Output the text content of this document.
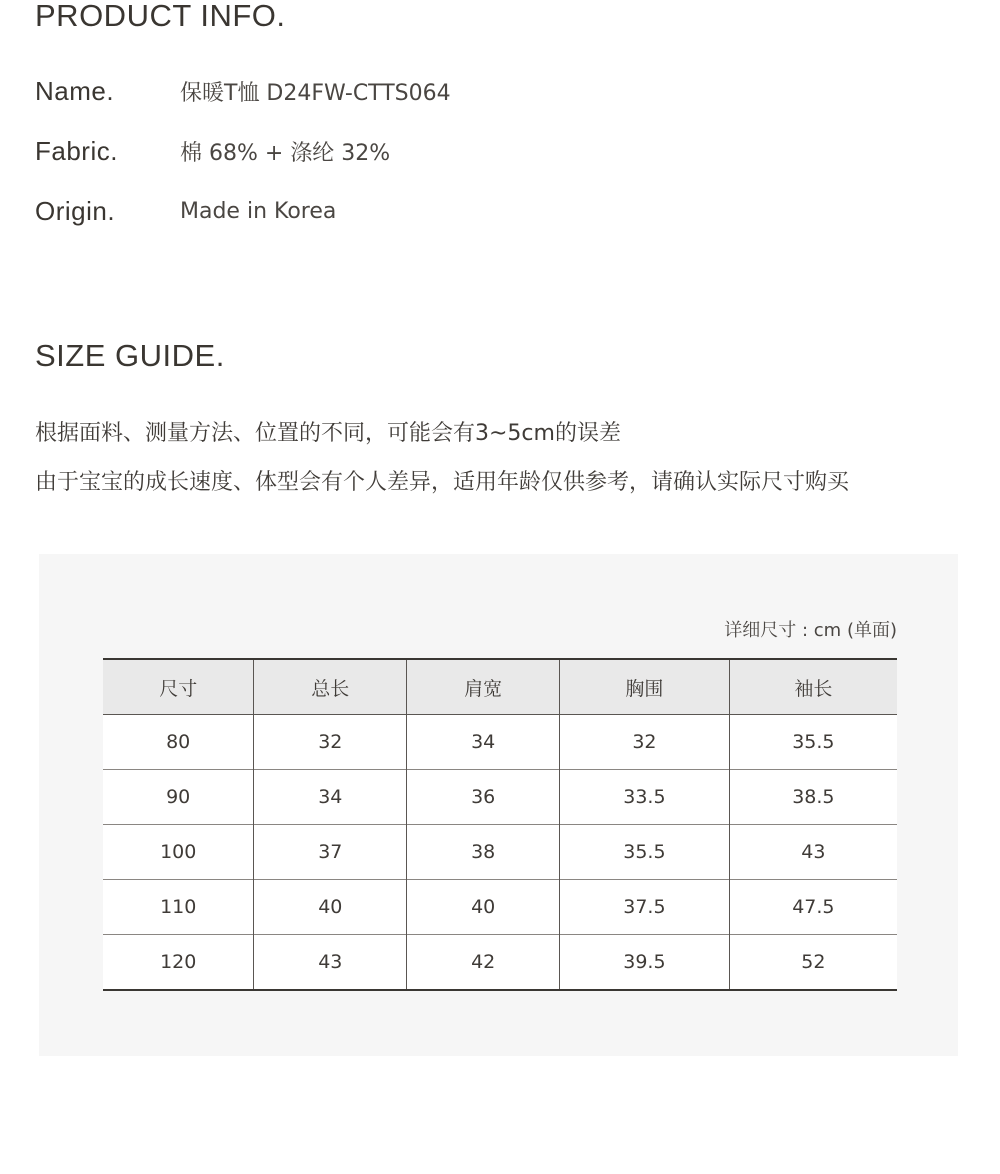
PRODUCT INFO.
Name.	保暖T恤 D24FW-CTTS064
Fabric.	棉 68% + 涤纶 32%
Origin.	Made in Korea
SIZE GUIDE.

根据面料、测量方法、位置的不同，可能会有3~5cm的误差

由于宝宝的成长速度、体型会有个人差异，适用年龄仅供参考，请确认实际尺寸购买

详细尺寸 : cm (单面)
尺寸	总长	肩宽	胸围	袖长
80	32	34	32	35.5
90	34	36	33.5	38.5
100	37	38	35.5	43
110	40	40	37.5	47.5
120	43	42	39.5	52
